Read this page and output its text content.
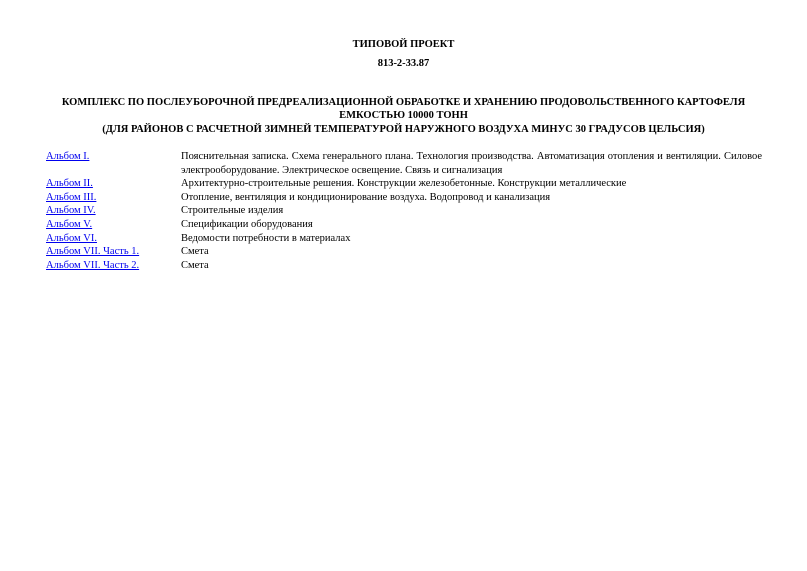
ТИПОВОЙ ПРОЕКТ
813-2-33.87
КОМПЛЕКС ПО ПОСЛЕУБОРОЧНОЙ ПРЕДРЕАЛИЗАЦИОННОЙ ОБРАБОТКЕ И ХРАНЕНИЮ ПРОДОВОЛЬСТВЕННОГО КАРТОФЕЛЯ
ЕМКОСТЬЮ 10000 ТОНН
(ДЛЯ РАЙОНОВ С РАСЧЕТНОЙ ЗИМНЕЙ ТЕМПЕРАТУРОЙ НАРУЖНОГО ВОЗДУХА МИНУС 30 ГРАДУСОВ ЦЕЛЬСИЯ)
Альбом I.	Пояснительная записка. Схема генерального плана. Технология производства. Автоматизация отопления и вентиляции. Силовое электрооборудование. Электрическое освещение. Связь и сигнализация
Альбом II.	Архитектурно-строительные решения. Конструкции железобетонные. Конструкции металлические
Альбом III.	Отопление, вентиляция и кондиционирование воздуха. Водопровод и канализация
Альбом IV.	Строительные изделия
Альбом V.	Спецификации оборудования
Альбом VI.	Ведомости потребности в материалах
Альбом VII. Часть 1.	Смета
Альбом VII. Часть 2.	Смета
